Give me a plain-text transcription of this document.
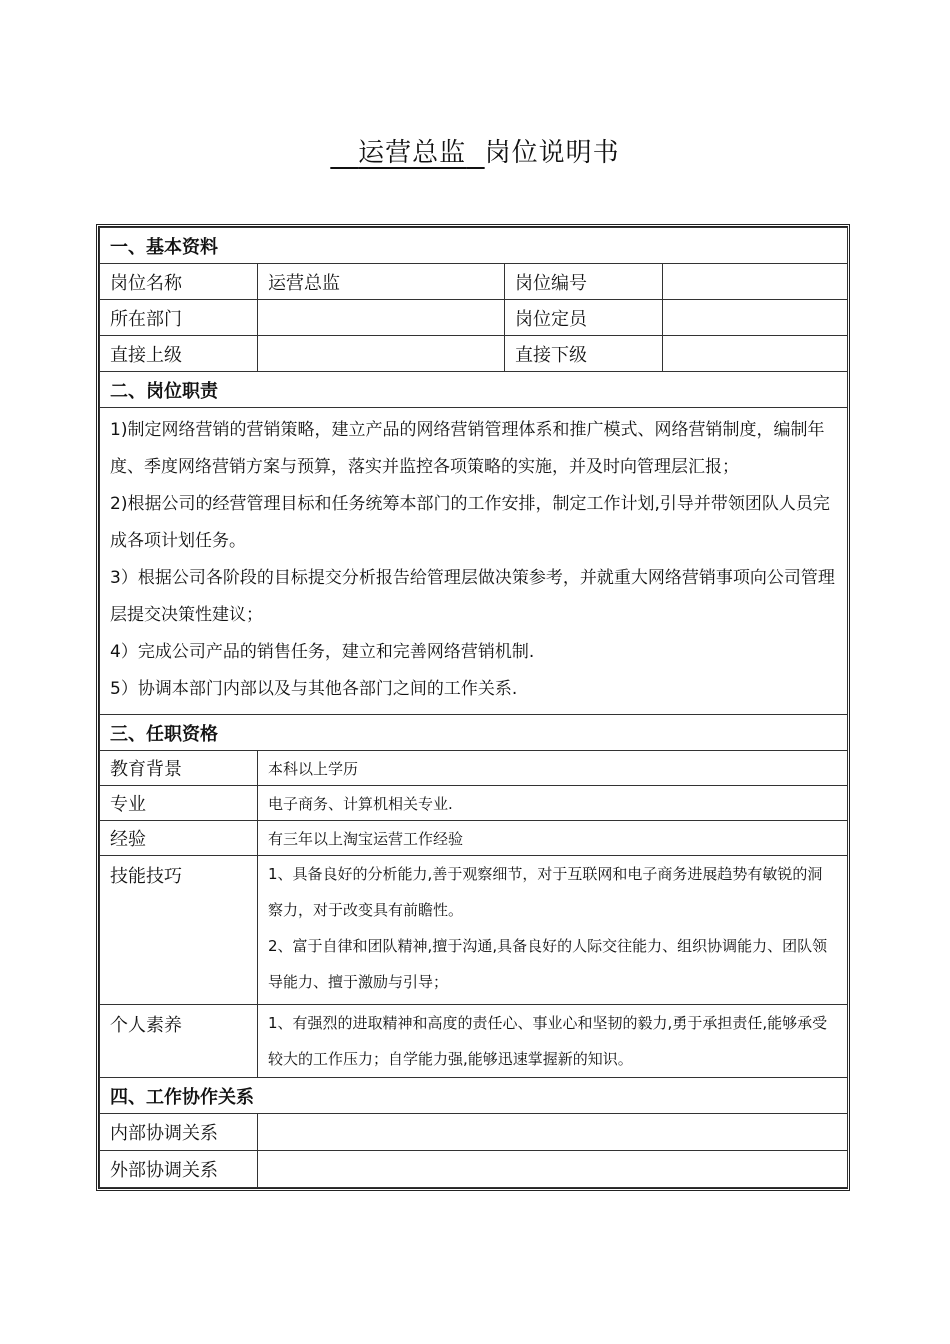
运营总监 岗位说明书
一、基本资料			
岗位名称	运营总监	岗位编号	
所在部门		岗位定员	
直接上级		直接下级	
二、岗位职责			

1)制定网络营销的营销策略，建立产品的网络营销管理体系和推广模式、网络营销制度，编制年度、季度网络营销方案与预算，落实并监控各项策略的实施，并及时向管理层汇报；

2)根据公司的经营管理目标和任务统筹本部门的工作安排，制定工作计划,引导并带领团队人员完成各项计划任务。

3）根据公司各阶段的目标提交分析报告给管理层做决策参考，并就重大网络营销事项向公司管理层提交决策性建议；

4）完成公司产品的销售任务，建立和完善网络营销机制.

5）协调本部门内部以及与其他各部门之间的工作关系.			

三、任职资格			
教育背景	本科以上学历		
专业	电子商务、计算机相关专业.		
经验	有三年以上淘宝运营工作经验		
技能技巧	1、具备良好的分析能力,善于观察细节，对于互联网和电子商务进展趋势有敏锐的洞察力，对于改变具有前瞻性。

2、富于自律和团队精神,擅于沟通,具备良好的人际交往能力、组织协调能力、团队领导能力、擅于激励与引导；		

个人素养	1、有强烈的进取精神和高度的责任心、事业心和坚韧的毅力,勇于承担责任,能够承受较大的工作压力；自学能力强,能够迅速掌握新的知识。		
四、工作协作关系			
内部协调关系			
外部协调关系			
